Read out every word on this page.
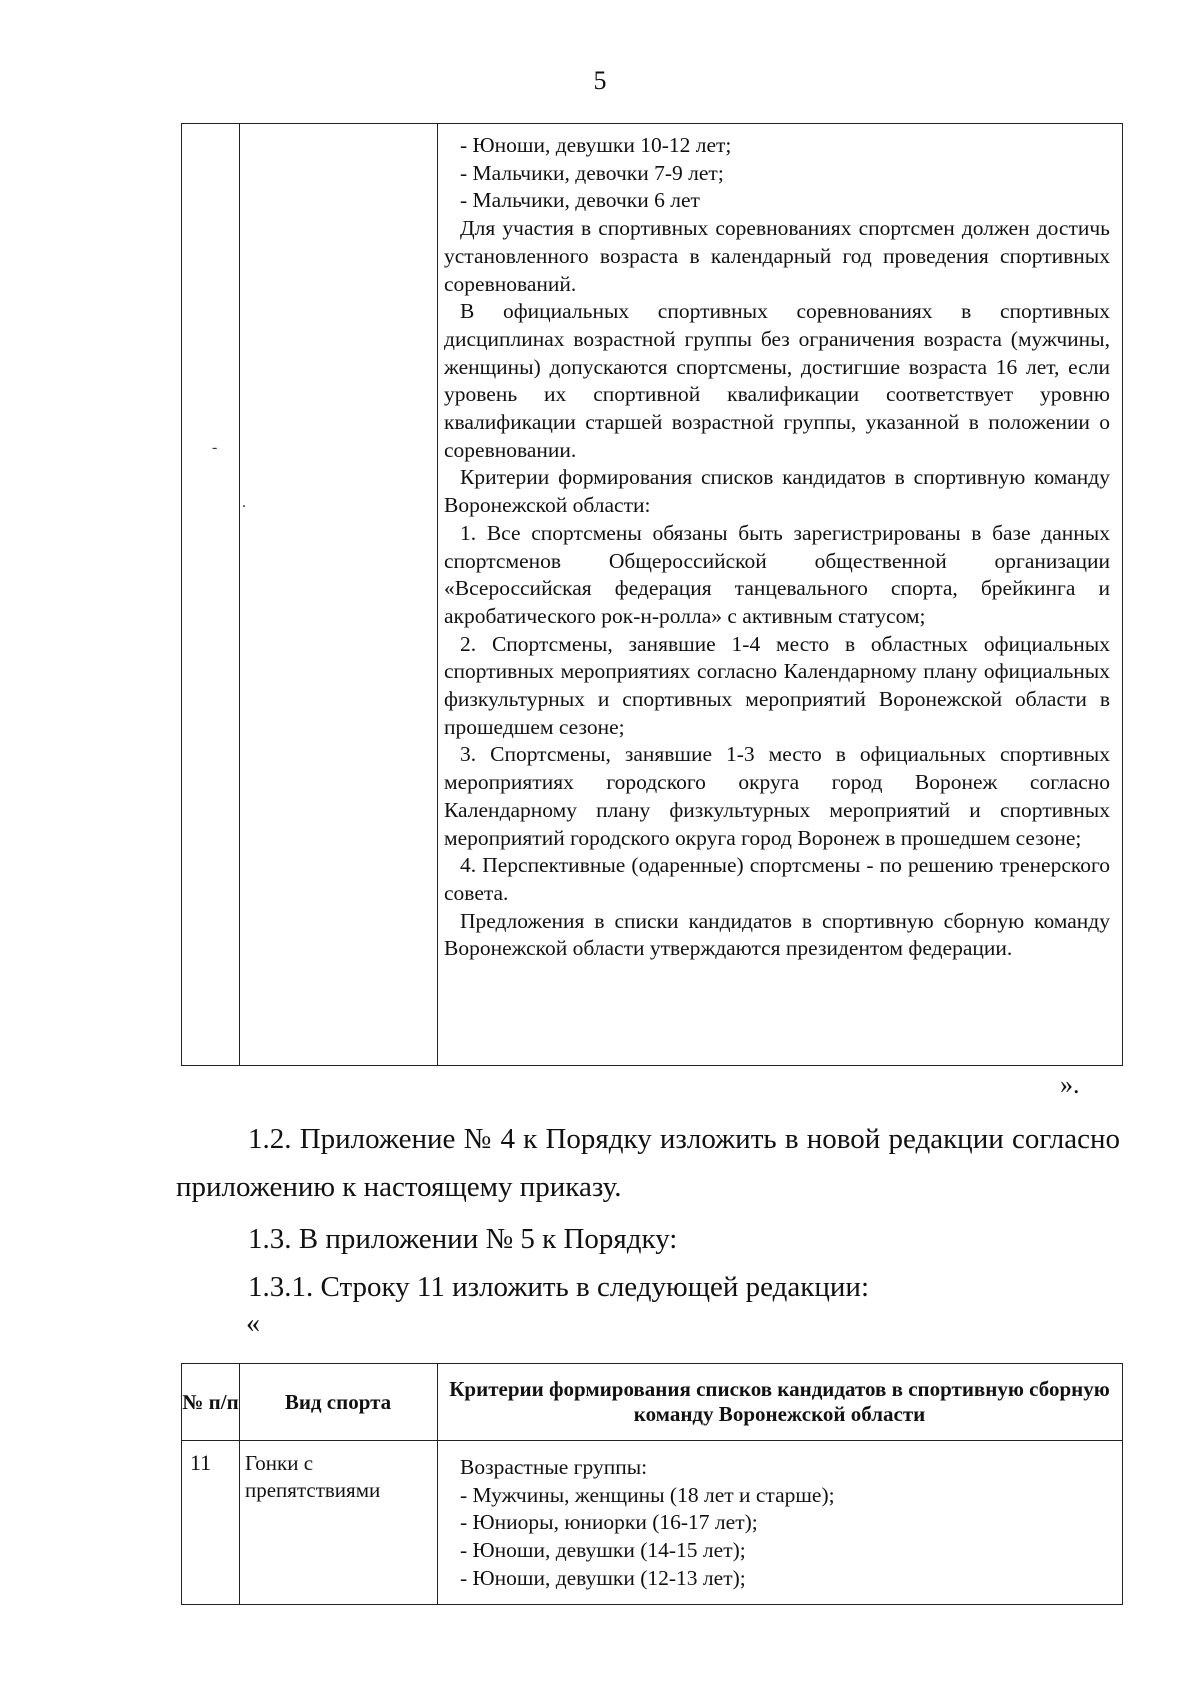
5
-
.

- Юноши, девушки 10-12 лет;

- Мальчики, девочки 7-9 лет;

- Мальчики, девочки 6 лет

Для участия в спортивных соревнованиях спортсмен должен достичь установленного возраста в календарный год проведения спортивных соревнований.

В официальных спортивных соревнованиях в спортивных дисциплинах возрастной группы без ограничения возраста (мужчины, женщины) допускаются спортсмены, достигшие возраста 16 лет, если уровень их спортивной квалификации соответствует уровню квалификации старшей возрастной группы, указанной в положении о соревновании.

Критерии формирования списков кандидатов в спортивную команду Воронежской области:

1. Все спортсмены обязаны быть зарегистрированы в базе данных спортсменов Общероссийской общественной организации «Всероссийская федерация танцевального спорта, брейкинга и акробатического рок-н-ролла» с активным статусом;

2. Спортсмены, занявшие 1-4 место в областных официальных спортивных мероприятиях согласно Календарному плану официальных физкультурных и спортивных мероприятий Воронежской области в прошедшем сезоне;

3. Спортсмены, занявшие 1-3 место в официальных спортивных мероприятиях городского округа город Воронеж согласно Календарному плану физкультурных мероприятий и спортивных мероприятий городского округа город Воронеж в прошедшем сезоне;

4. Перспективные (одаренные) спортсмены - по решению тренерского совета.

Предложения в списки кандидатов в спортивную сборную команду Воронежской области утверждаются президентом федерации.

».
1.2. Приложение № 4 к Порядку изложить в новой редакции согласно приложению к настоящему приказу.
1.3. В приложении № 5 к Порядку:
1.3.1. Строку 11 изложить в следующей редакции:
«
№ п/п	Вид спорта
Критерии формирования списков кандидатов в спортивную сборную команду Воронежской области
11 Гонки с препятствиями

Возрастные группы:

- Мужчины, женщины (18 лет и старше);

- Юниоры, юниорки (16-17 лет);

- Юноши, девушки (14-15 лет);

- Юноши, девушки (12-13 лет);
